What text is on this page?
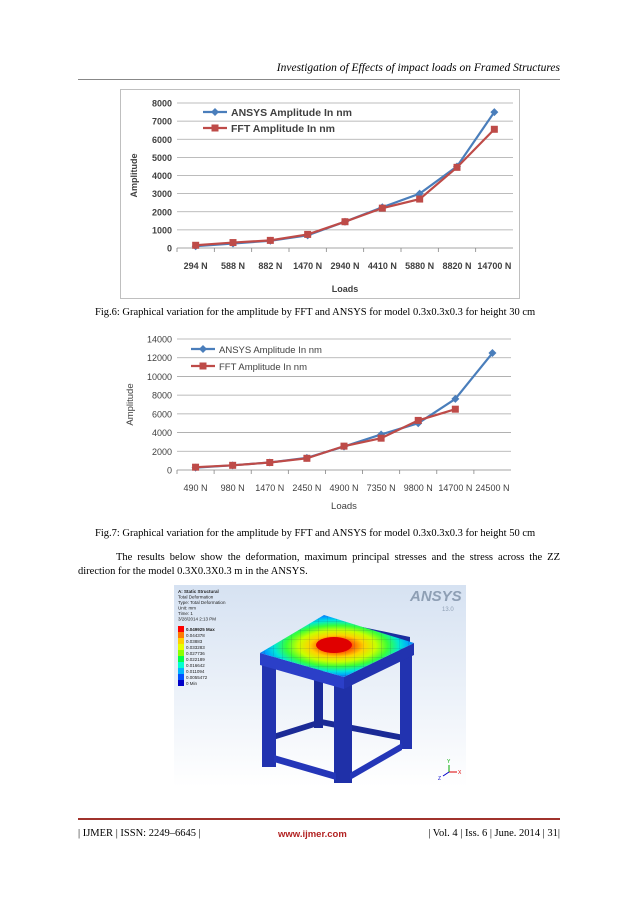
Investigation of Effects of impact loads on Framed Structures
0
1000
2000
3000
4000
5000
6000
7000
8000
294 N 588 N 882 N 1470 N 2940 N 4410 N 5880 N 8820 N 14700 N
Loads
Amplitude
ANSYS Amplitude In nm
FFT Amplitude In nm
Fig.6: Graphical variation for the amplitude by FFT and ANSYS for model 0.3x0.3x0.3 for height 30 cm
0
2000
4000
6000
8000
10000
12000
14000
490 N 980 N 1470 N 2450 N 4900 N 7350 N 9800 N 14700 N 24500 N
Loads
Amplitude
ANSYS Amplitude In nm
FFT Amplitude In nm
Fig.7: Graphical variation for the amplitude by FFT and ANSYS for model 0.3x0.3x0.3 for height 50 cm

The results below show the deformation, maximum principal stresses and the stress across the ZZ direction for the model 0.3X0.3X0.3 m in the ANSYS.

A: Static Structural
Total Deformation
Type: Total Deformation
Unit: mm
Time: 1
3/28/2014 2:13 PM
0.049925 Max
0.044378
0.03883
0.033283
0.027736
0.022189
0.016642
0.011094
0.0055472
0 Min
ANSYS
13.0
Z
Y
X
| IJMER | ISSN: 2249–6645 |	www.ijmer.com	| Vol. 4 | Iss. 6 | June. 2014 | 31|
